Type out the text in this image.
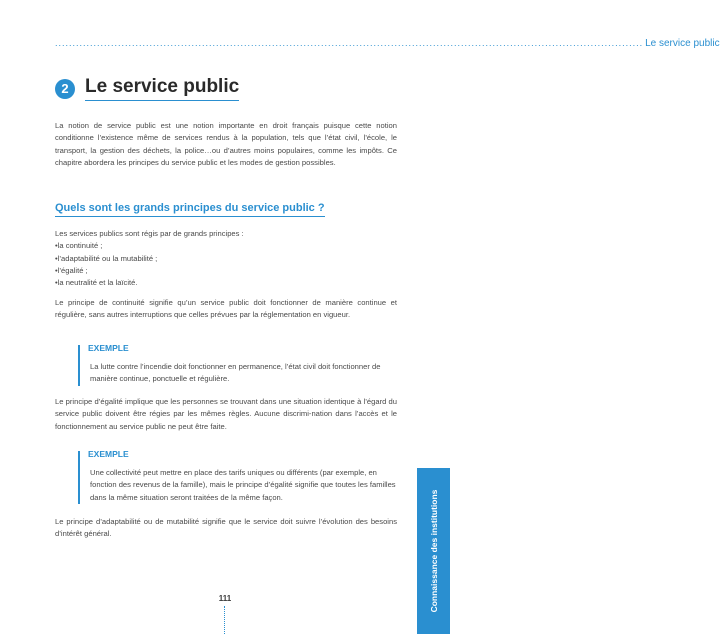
........................................................................................................................................................................ Le service public
2 Le service public

La notion de service public est une notion importante en droit français puisque cette notion conditionne l’existence même de services rendus à la population, tels que l’état civil, l’école, le transport, la gestion des déchets, la police…ou d’autres moins populaires, comme les impôts. Ce chapitre abordera les principes du service public et les modes de gestion possibles.

Quels sont les grands principes du service public ?
Les services publics sont régis par de grands principes :
• la continuité ;
• l’adaptabilité ou la mutabilité ;
• l’égalité ;
• la neutralité et la laïcité.

Le principe de continuité signifie qu’un service public doit fonctionner de manière continue et régulière, sans autres interruptions que celles prévues par la réglementation en vigueur.

EXEMPLE

La lutte contre l’incendie doit fonctionner en permanence, l’état civil doit fonctionner de manière continue, ponctuelle et régulière.

Le principe d’égalité implique que les personnes se trouvant dans une situation identique à l’égard du service public doivent être régies par les mêmes règles. Aucune discrimi-nation dans l’accès et le fonctionnement au service public ne peut être faite.

EXEMPLE

Une collectivité peut mettre en place des tarifs uniques ou différents (par exemple, en fonction des revenus de la famille), mais le principe d’égalité signifie que toutes les familles dans la même situation seront traitées de la même façon.

Le principe d’adaptabilité ou de mutabilité signifie que le service doit suivre l’évolution des besoins d’intérêt général.	Connaissance des institutions
111
